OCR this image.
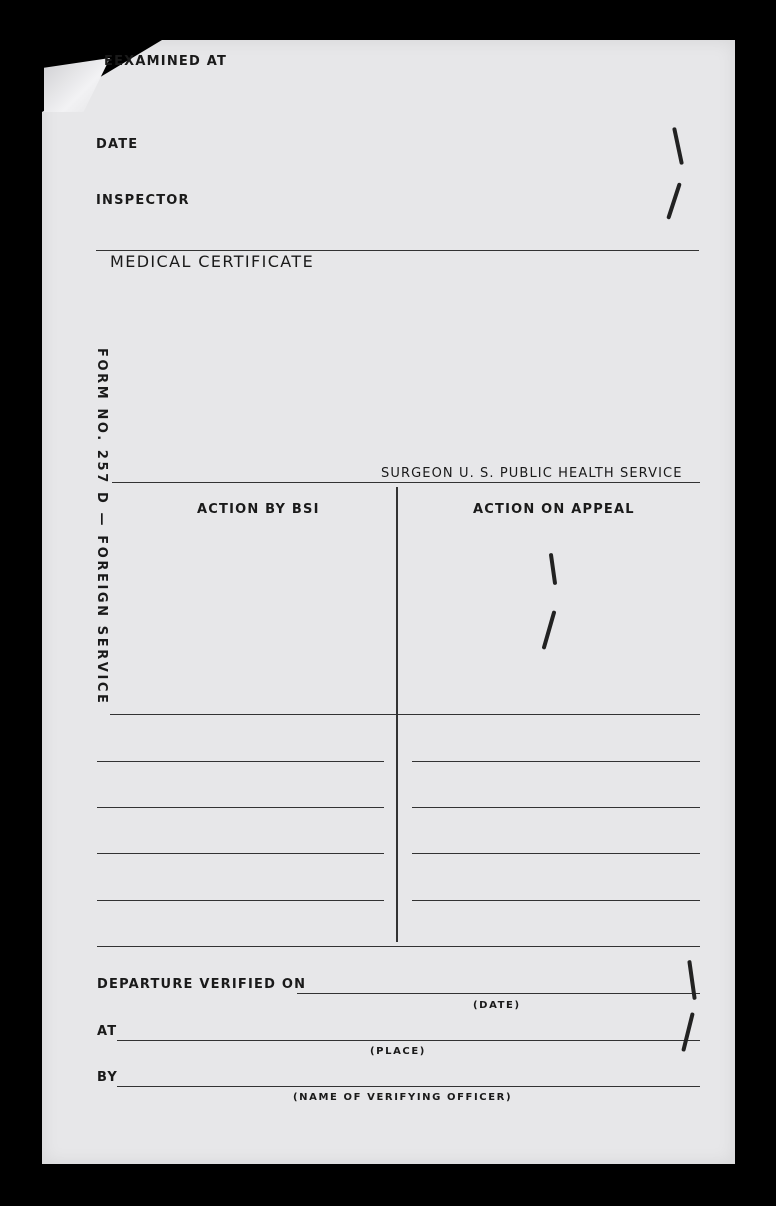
EEXAMINED AT
DATE
INSPECTOR
MEDICAL CERTIFICATE
SURGEON U. S. PUBLIC HEALTH SERVICE
FORM NO. 257 D — FOREIGN SERVICE	ACTION BY BSI	ACTION ON APPEAL
DEPARTURE VERIFIED ON
(DATE)
AT
(PLACE)
BY
(NAME OF VERIFYING OFFICER)
